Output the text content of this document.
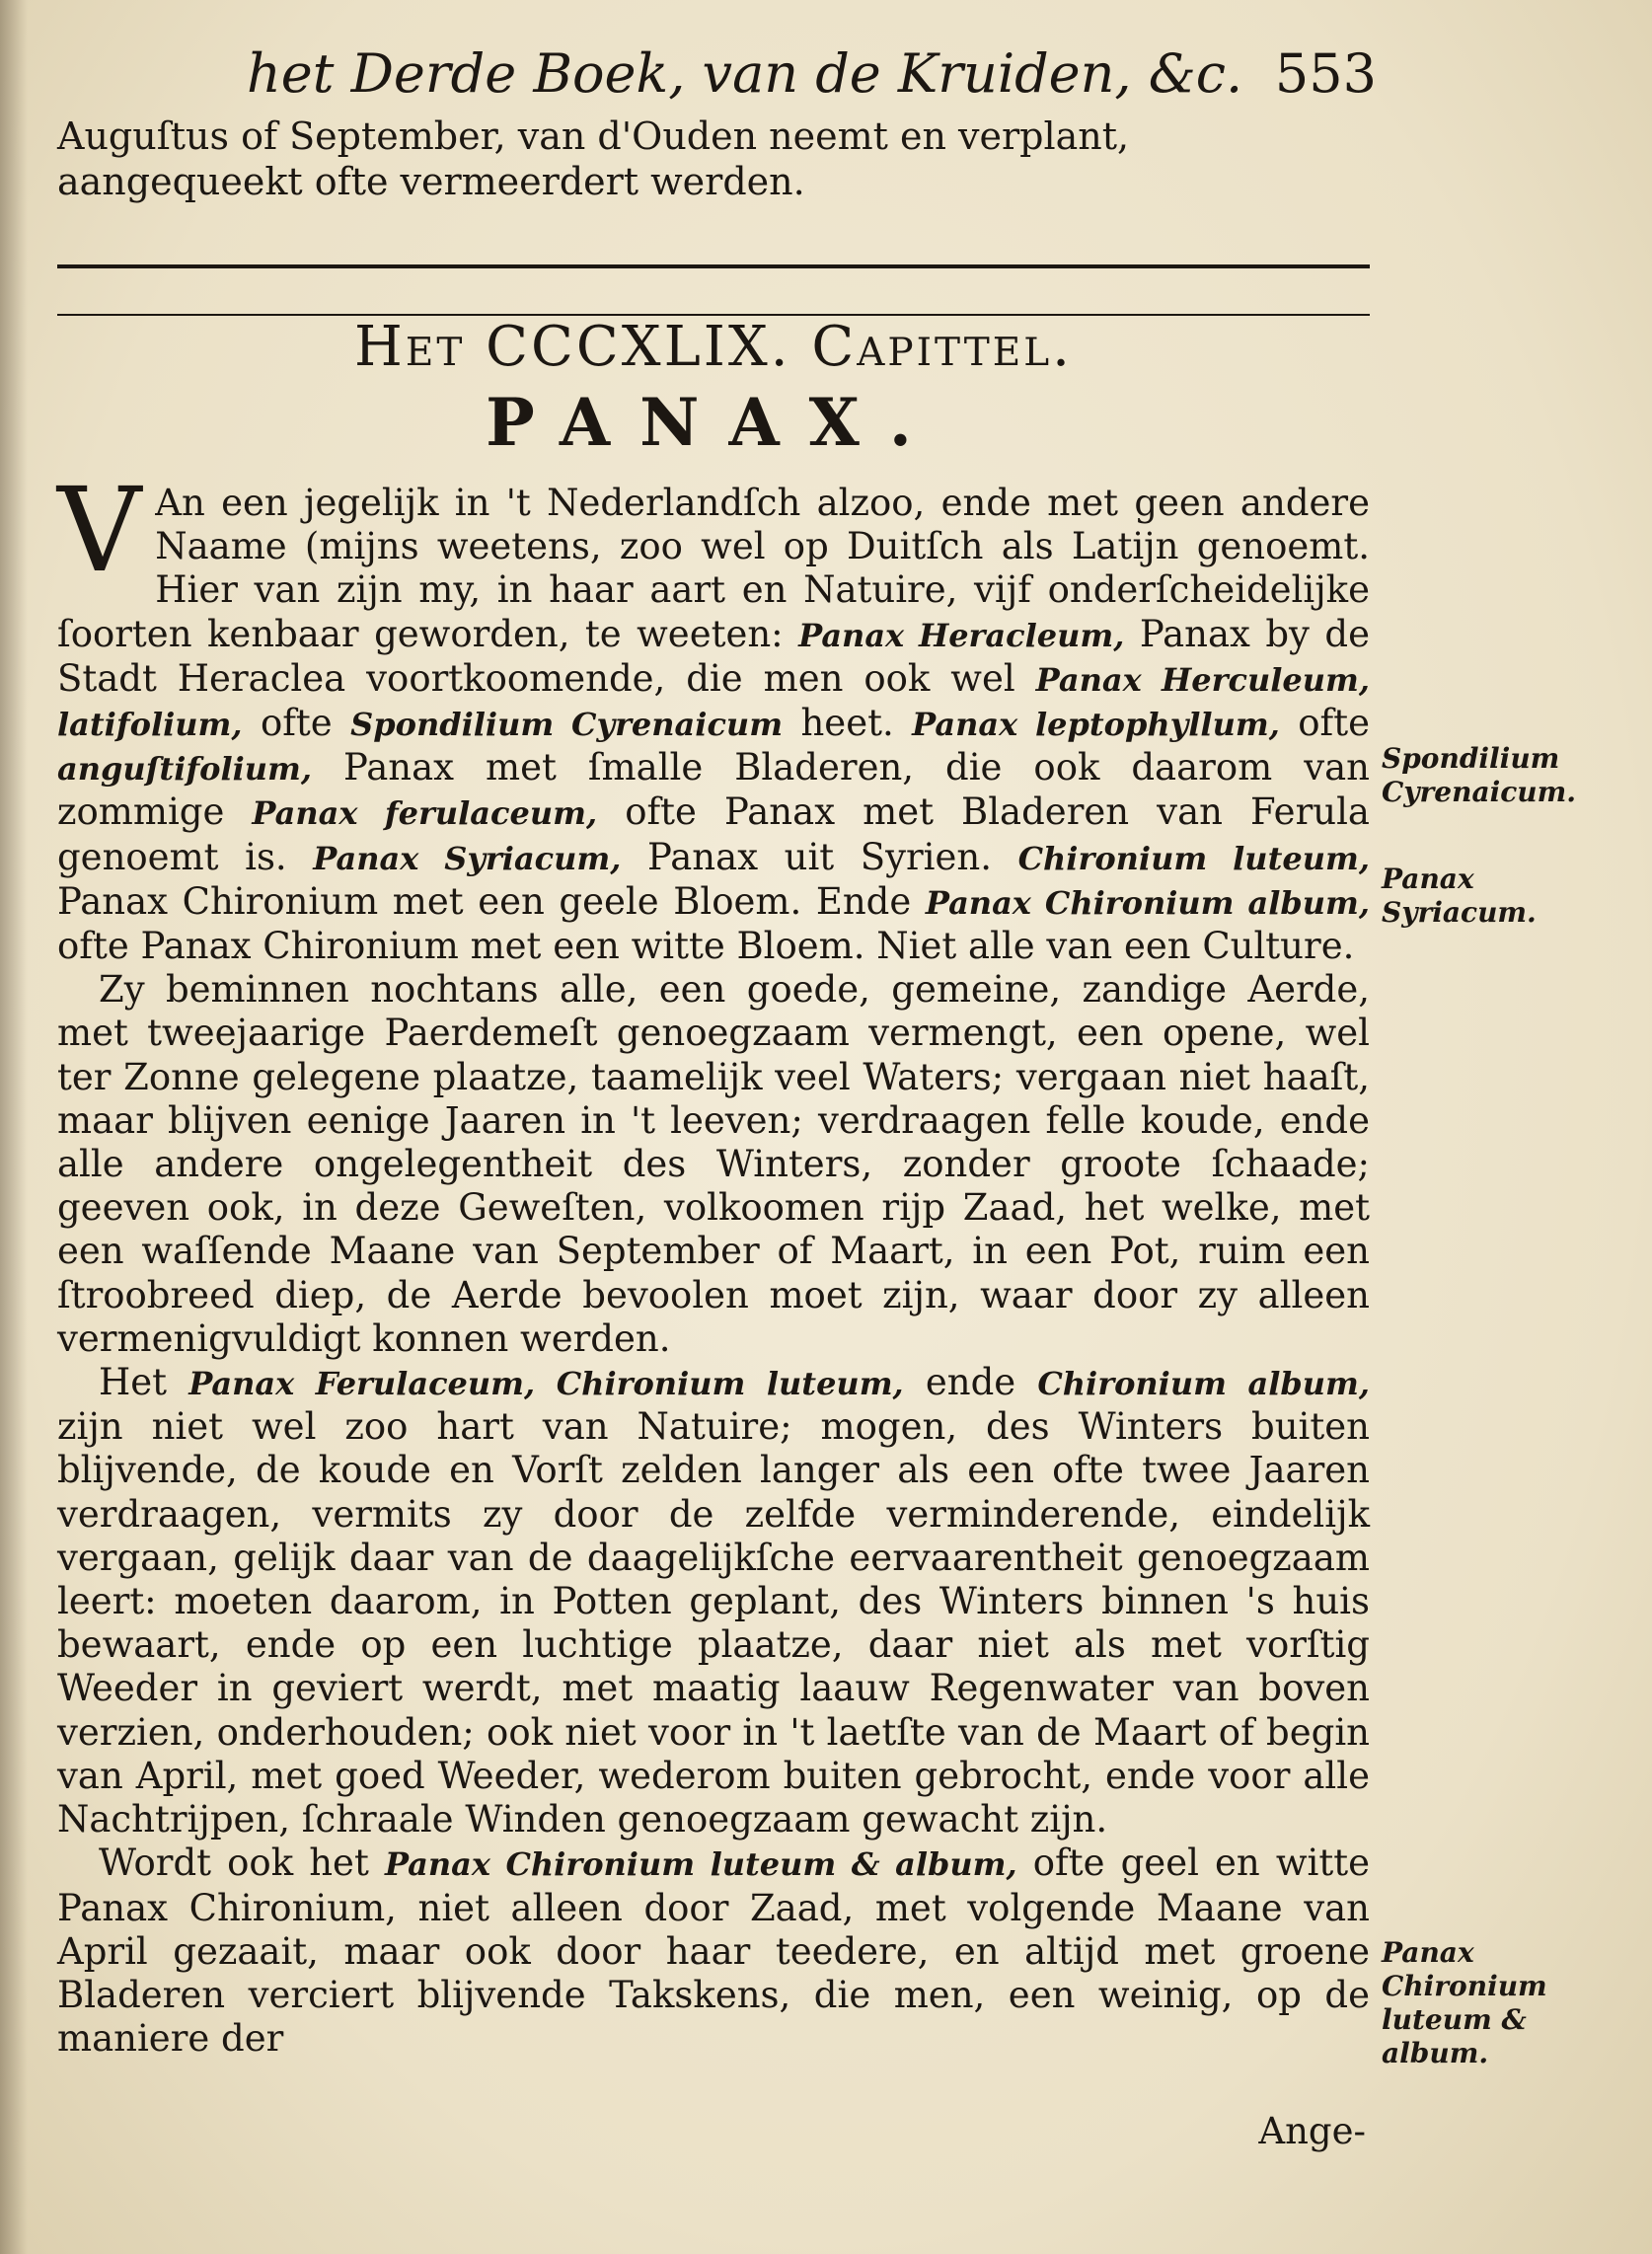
het Derde Boek, van de Kruiden, &c. 553
Auguſtus of September, van d'Ouden neemt en verplant, aangequeekt ofte vermeerdert werden.
Het CCCXLIX. Capittel.
PANAX.

V An een jegelijk in 't Nederlandſch alzoo, ende met geen andere Naame (mijns weetens, zoo wel op Duitſch als Latijn genoemt. Hier van zijn my, in haar aart en Natuire, vijf onderſcheidelijke ſoorten kenbaar geworden, te weeten: Panax Heracleum, Panax by de Stadt Heraclea voortkoomende, die men ook wel Panax Herculeum, latifolium, ofte Spondilium Cyrenaicum heet. Panax leptophyllum, ofte anguſtifolium, Panax met ſmalle Bladeren, die ook daarom van zommige Panax ferulaceum, ofte Panax met Bladeren van Ferula genoemt is. Panax Syriacum, Panax uit Syrien. Chironium luteum, Panax Chironium met een geele Bloem. Ende Panax Chironium album, ofte Panax Chironium met een witte Bloem. Niet alle van een Culture.

Zy beminnen nochtans alle, een goede, gemeine, zandige Aerde, met tweejaarige Paerdemeſt genoegzaam vermengt, een opene, wel ter Zonne gelegene plaatze, taamelijk veel Waters; vergaan niet haaſt, maar blijven eenige Jaaren in 't leeven; verdraagen felle koude, ende alle andere ongelegentheit des Winters, zonder groote ſchaade; geeven ook, in deze Geweſten, volkoomen rijp Zaad, het welke, met een waſſende Maane van September of Maart, in een Pot, ruim een ſtroobreed diep, de Aerde bevoolen moet zijn, waar door zy alleen vermenigvuldigt konnen werden.

Het Panax Ferulaceum, Chironium luteum, ende Chironium album, zijn niet wel zoo hart van Natuire; mogen, des Winters buiten blijvende, de koude en Vorſt zelden langer als een ofte twee Jaaren verdraagen, vermits zy door de zelfde verminderende, eindelijk vergaan, gelijk daar van de daagelijkſche eervaarentheit genoegzaam leert: moeten daarom, in Potten geplant, des Winters binnen 's huis bewaart, ende op een luchtige plaatze, daar niet als met vorſtig Weeder in geviert werdt, met maatig laauw Regenwater van boven verzien, onderhouden; ook niet voor in 't laetſte van de Maart of begin van April, met goed Weeder, wederom buiten gebrocht, ende voor alle Nachtrijpen, ſchraale Winden genoegzaam gewacht zijn.

Wordt ook het Panax Chironium luteum & album, ofte geel en witte Panax Chironium, niet alleen door Zaad, met volgende Maane van April gezaait, maar ook door haar teedere, en altijd met groene Bladeren verciert blijvende Takskens, die men, een weinig, op de maniere der

Ange-
Spondilium Cyrenaicum.
Panax Syriacum.
Panax Chironium luteum & album.
